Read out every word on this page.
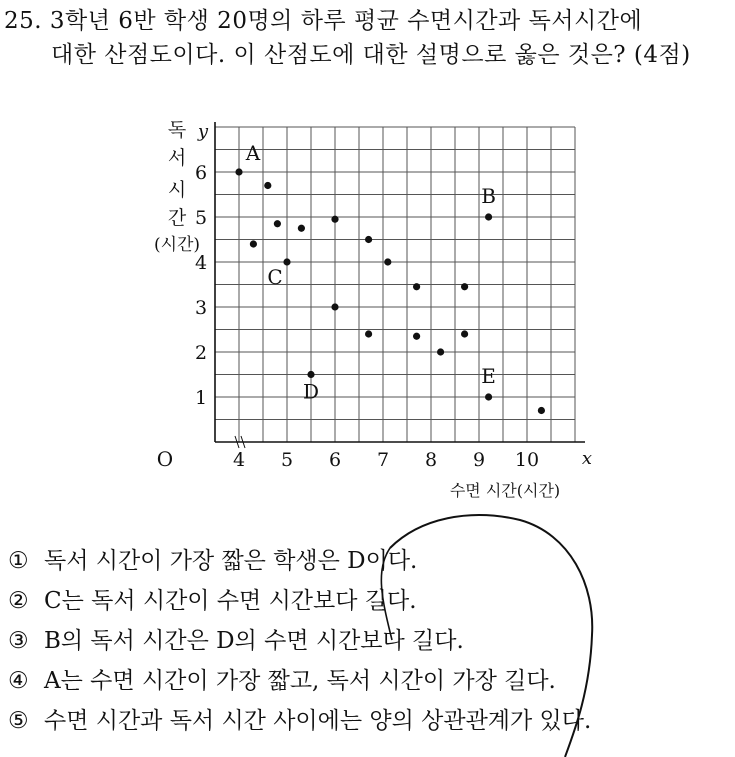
25. 3학년 6반 학생 20명의 하루 평균 수면시간과 독서시간에
대한 산점도이다. 이 산점도에 대한 설명으로 옳은 것은? (4점)
4 5 6 7 8 9 10
1
2
3
4
5
6
O	x
y
독
서
시
간
(시간)
수면 시간(시간)
A
C
D
B
E
① 독서 시간이 가장 짧은 학생은 D이다.
② C는 독서 시간이 수면 시간보다 길다.
③ B의 독서 시간은 D의 수면 시간보다 길다.
④ A는 수면 시간이 가장 짧고, 독서 시간이 가장 길다.
⑤ 수면 시간과 독서 시간 사이에는 양의 상관관계가 있다.
